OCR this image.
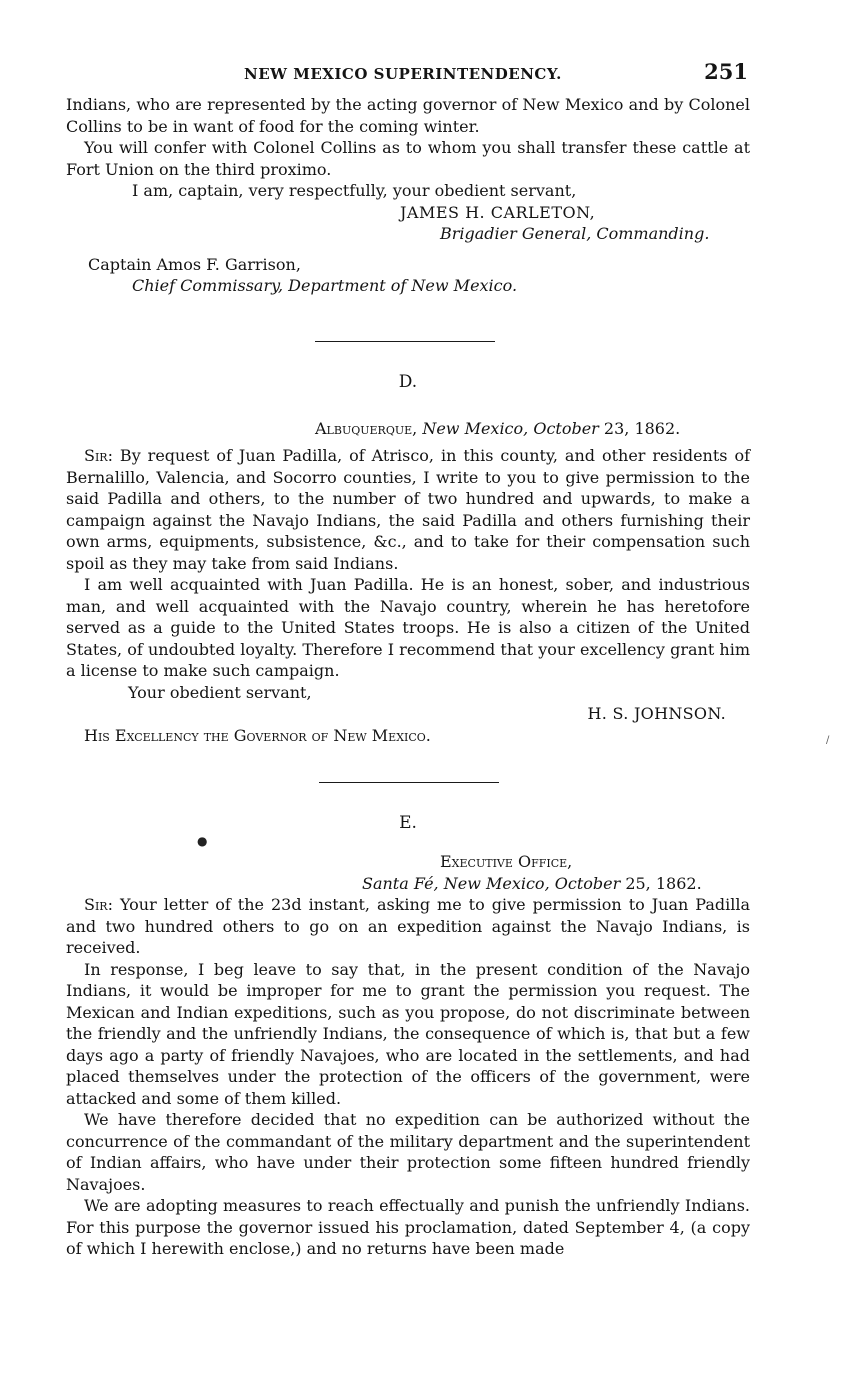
NEW MEXICO SUPERINTENDENCY.	251

Indians, who are represented by the acting governor of New Mexico and by Colonel Collins to be in want of food for the coming winter.

You will confer with Colonel Collins as to whom you shall transfer these cattle at Fort Union on the third proximo.

I am, captain, very respectfully, your obedient servant,

JAMES H. CARLETON,

Brigadier General, Commanding.

Captain Amos F. Garrison,

Chief Commissary, Department of New Mexico.

D.

Albuquerque, New Mexico, October 23, 1862.

Sir: By request of Juan Padilla, of Atrisco, in this county, and other residents of Bernalillo, Valencia, and Socorro counties, I write to you to give permission to the said Padilla and others, to the number of two hundred and upwards, to make a campaign against the Navajo Indians, the said Padilla and others furnishing their own arms, equipments, subsistence, &c., and to take for their compensation such spoil as they may take from said Indians.

I am well acquainted with Juan Padilla. He is an honest, sober, and industrious man, and well acquainted with the Navajo country, wherein he has heretofore served as a guide to the United States troops. He is also a citizen of the United States, of undoubted loyalty. Therefore I recommend that your excellency grant him a license to make such campaign.

Your obedient servant,

H. S. JOHNSON.

His Excellency the Governor of New Mexico.

E.

Executive Office,

Santa Fé, New Mexico, October 25, 1862.

Sir: Your letter of the 23d instant, asking me to give permission to Juan Padilla and two hundred others to go on an expedition against the Navajo Indians, is received.

In response, I beg leave to say that, in the present condition of the Navajo Indians, it would be improper for me to grant the permission you request. The Mexican and Indian expeditions, such as you propose, do not discriminate between the friendly and the unfriendly Indians, the consequence of which is, that but a few days ago a party of friendly Navajoes, who are located in the settlements, and had placed themselves under the protection of the officers of the government, were attacked and some of them killed.

We have therefore decided that no expedition can be authorized without the concurrence of the commandant of the military department and the superintendent of Indian affairs, who have under their protection some fifteen hundred friendly Navajoes.

We are adopting measures to reach effectually and punish the unfriendly Indians. For this purpose the governor issued his proclamation, dated September 4, (a copy of which I herewith enclose,) and no returns have been made

●
/
